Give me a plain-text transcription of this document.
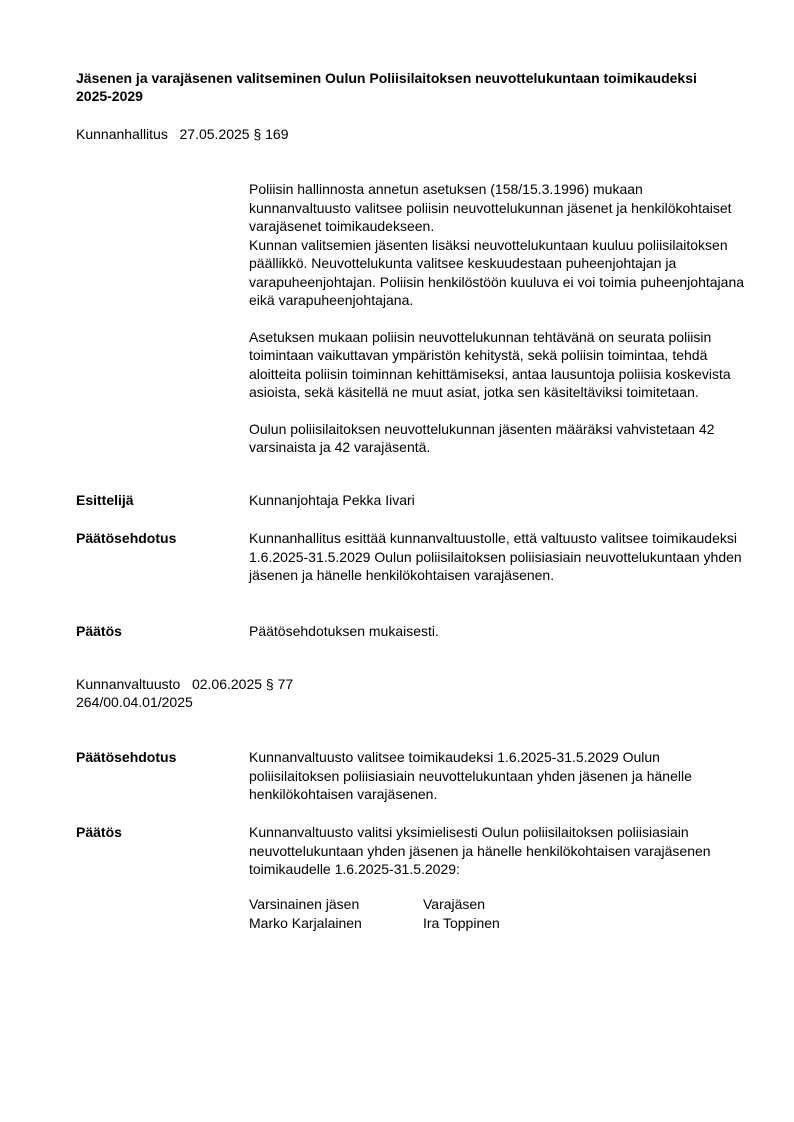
Jäsenen ja varajäsenen valitseminen Oulun Poliisilaitoksen neuvottelukuntaan toimikaudeksi 2025-2029
Kunnanhallitus   27.05.2025 § 169

Poliisin hallinnosta annetun asetuksen (158/15.3.1996) mukaan kunnanvaltuusto valitsee poliisin neuvottelukunnan jäsenet ja henkilökohtaiset varajäsenet toimikaudekseen.
Kunnan valitsemien jäsenten lisäksi neuvottelukuntaan kuuluu poliisilaitoksen päällikkö. Neuvottelukunta valitsee keskuudestaan puheenjohtajan ja varapuheenjohtajan. Poliisin henkilöstöön kuuluva ei voi toimia puheenjohtajana eikä varapuheenjohtajana.

Asetuksen mukaan poliisin neuvottelukunnan tehtävänä on seurata poliisin toimintaan vaikuttavan ympäristön kehitystä, sekä poliisin toimintaa, tehdä aloitteita poliisin toiminnan kehittämiseksi, antaa lausuntoja poliisia koskevista asioista, sekä käsitellä ne muut asiat, jotka sen käsiteltäviksi toimitetaan.

Oulun poliisilaitoksen neuvottelukunnan jäsenten määräksi vahvistetaan 42 varsinaista ja 42 varajäsentä.

Esittelijä	Kunnanjohtaja Pekka Iivari
Päätösehdotus	Kunnanhallitus esittää kunnanvaltuustolle, että valtuusto valitsee toimikaudeksi 1.6.2025-31.5.2029 Oulun poliisilaitoksen poliisiasiain neuvottelukuntaan yhden jäsenen ja hänelle henkilökohtaisen varajäsenen.
Päätös	Päätösehdotuksen mukaisesti.
Kunnanvaltuusto   02.06.2025 § 77
264/00.04.01/2025
Päätösehdotus	Kunnanvaltuusto valitsee toimikaudeksi 1.6.2025-31.5.2029 Oulun poliisilaitoksen poliisiasiain neuvottelukuntaan yhden jäsenen ja hänelle henkilökohtaisen varajäsenen.
Päätös	Kunnanvaltuusto valitsi yksimielisesti Oulun poliisilaitoksen poliisiasiain neuvottelukuntaan yhden jäsenen ja hänelle henkilökohtaisen varajäsenen toimikaudelle 1.6.2025-31.5.2029:
Varsinainen jäsen	Varajäsen
Marko Karjalainen	Ira Toppinen
